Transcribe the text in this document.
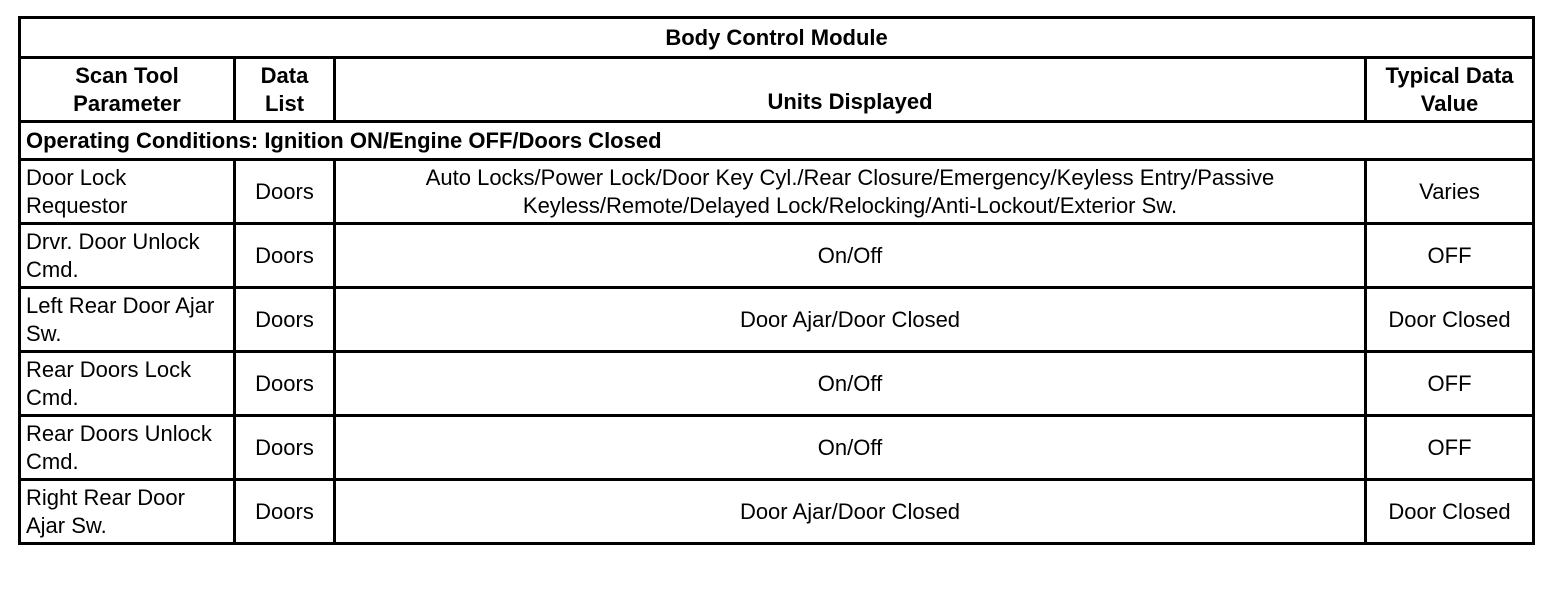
Body Control Module			
Scan Tool Parameter	Data List	Units Displayed	Typical Data Value
Operating Conditions: Ignition ON/Engine OFF/Doors Closed			
Door Lock Requestor	Doors	Auto Locks/Power Lock/Door Key Cyl./Rear Closure/Emergency/Keyless Entry/Passive Keyless/Remote/Delayed Lock/Relocking/Anti-Lockout/Exterior Sw.	Varies
Drvr. Door Unlock Cmd.	Doors	On/Off	OFF
Left Rear Door Ajar Sw.	Doors	Door Ajar/Door Closed	Door Closed
Rear Doors Lock Cmd.	Doors	On/Off	OFF
Rear Doors Unlock Cmd.	Doors	On/Off	OFF
Right Rear Door Ajar Sw.	Doors	Door Ajar/Door Closed	Door Closed
